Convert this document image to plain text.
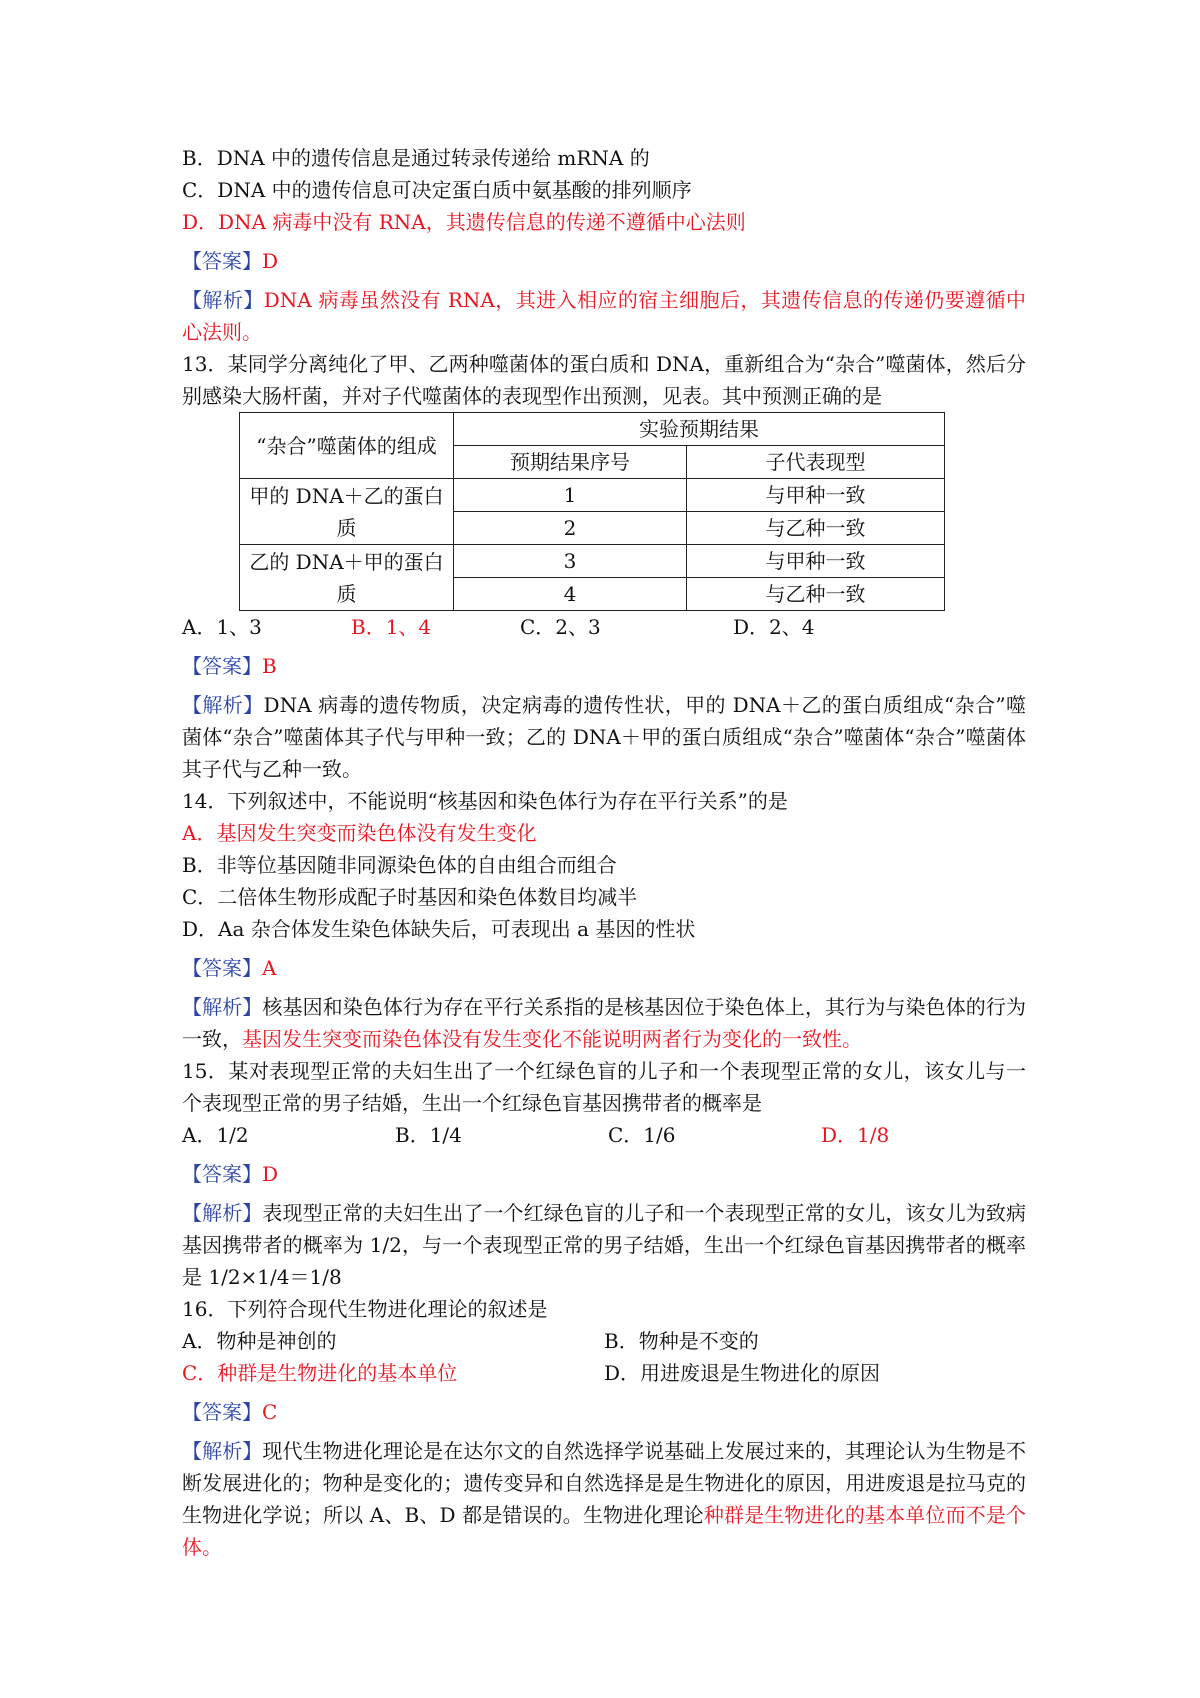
B．DNA 中的遗传信息是通过转录传递给 mRNA 的
C．DNA 中的遗传信息可决定蛋白质中氨基酸的排列顺序
D．DNA 病毒中没有 RNA，其遗传信息的传递不遵循中心法则
【答案】D

【解析】DNA 病毒虽然没有 RNA，其进入相应的宿主细胞后，其遗传信息的传递仍要遵循中心法则。

13．某同学分离纯化了甲、乙两种噬菌体的蛋白质和 DNA，重新组合为“杂合”噬菌体，然后分别感染大肠杆菌，并对子代噬菌体的表现型作出预测，见表。其中预测正确的是

“杂合”噬菌体的组成	实验预期结果	
	预期结果序号	子代表现型
甲的 DNA＋乙的蛋白质	1	与甲种一致
	2	与乙种一致
乙的 DNA＋甲的蛋白质	3	与甲种一致
	4	与乙种一致
A．1、3	B．1、4	C．2、3	D．2、4
【答案】B

【解析】DNA 病毒的遗传物质，决定病毒的遗传性状，甲的 DNA＋乙的蛋白质组成“杂合”噬菌体“杂合”噬菌体其子代与甲种一致；乙的 DNA＋甲的蛋白质组成“杂合”噬菌体“杂合”噬菌体其子代与乙种一致。

14．下列叙述中，不能说明“核基因和染色体行为存在平行关系”的是
A．基因发生突变而染色体没有发生变化
B．非等位基因随非同源染色体的自由组合而组合
C．二倍体生物形成配子时基因和染色体数目均减半
D．Aa 杂合体发生染色体缺失后，可表现出 a 基因的性状
【答案】A

【解析】核基因和染色体行为存在平行关系指的是核基因位于染色体上，其行为与染色体的行为一致，基因发生突变而染色体没有发生变化不能说明两者行为变化的一致性。

15．某对表现型正常的夫妇生出了一个红绿色盲的儿子和一个表现型正常的女儿，该女儿与一个表现型正常的男子结婚，生出一个红绿色盲基因携带者的概率是

A．1/2	B．1/4	C．1/6	D．1/8
【答案】D

【解析】表现型正常的夫妇生出了一个红绿色盲的儿子和一个表现型正常的女儿，该女儿为致病基因携带者的概率为 1/2，与一个表现型正常的男子结婚，生出一个红绿色盲基因携带者的概率是 1/2×1/4＝1/8

16．下列符合现代生物进化理论的叙述是
A．物种是神创的	B．物种是不变的
C．种群是生物进化的基本单位	D．用进废退是生物进化的原因
【答案】C

【解析】现代生物进化理论是在达尔文的自然选择学说基础上发展过来的，其理论认为生物是不断发展进化的；物种是变化的；遗传变异和自然选择是是生物进化的原因，用进废退是拉马克的生物进化学说；所以 A、B、D 都是错误的。生物进化理论种群是生物进化的基本单位而不是个体。
